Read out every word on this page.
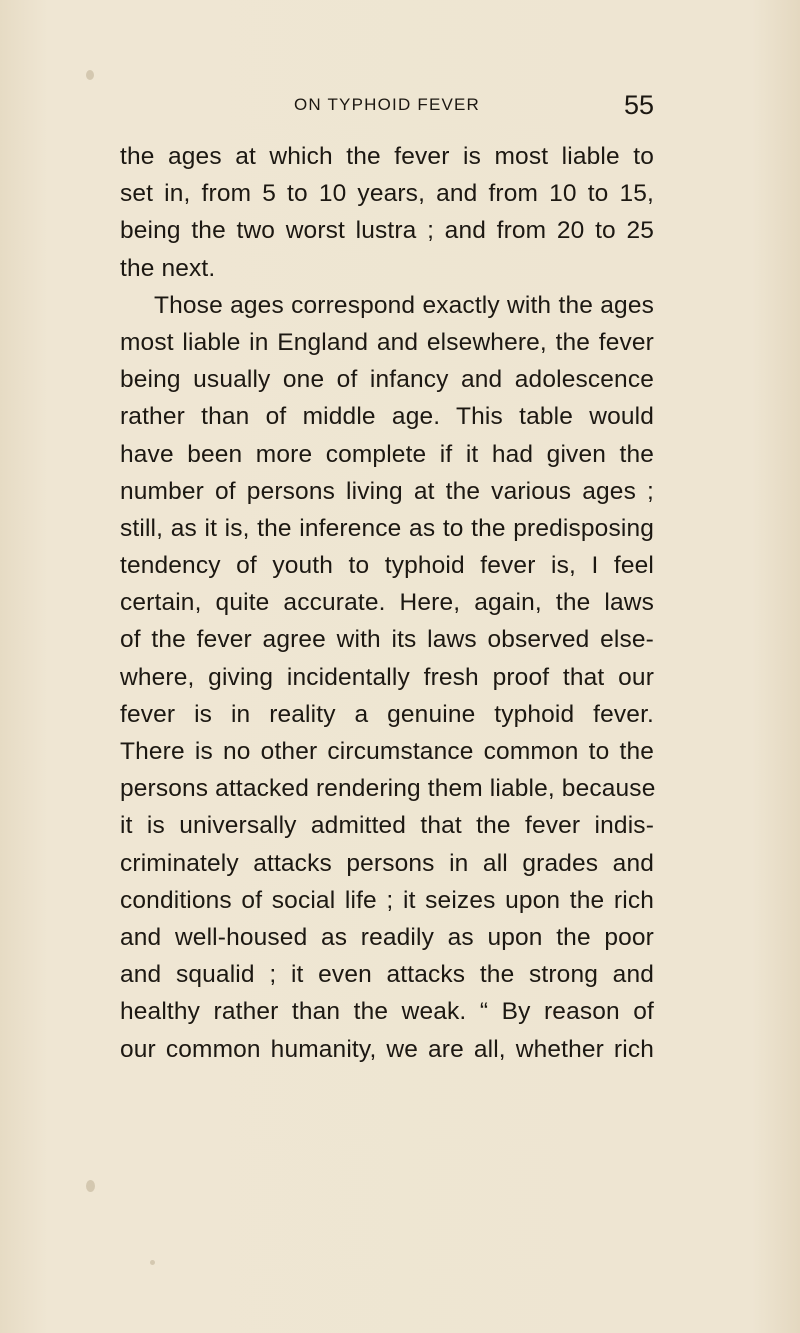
ON TYPHOID FEVER	55
the ages at which the fever is most liable to
set in, from 5 to 10 years, and from 10 to 15,
being the two worst lustra ; and from 20 to 25
the next.
Those ages correspond exactly with the ages
most liable in England and elsewhere, the fever
being usually one of infancy and adolescence
rather than of middle age. This table would
have been more complete if it had given the
number of persons living at the various ages ;
still, as it is, the inference as to the predisposing
tendency of youth to typhoid fever is, I feel
certain, quite accurate. Here, again, the laws
of the fever agree with its laws observed else-
where, giving incidentally fresh proof that our
fever is in reality a genuine typhoid fever.
There is no other circumstance common to the
persons attacked rendering them liable, because
it is universally admitted that the fever indis-
criminately attacks persons in all grades and
conditions of social life ; it seizes upon the rich
and well-housed as readily as upon the poor
and squalid ; it even attacks the strong and
healthy rather than the weak. “ By reason of
our common humanity, we are all, whether rich
